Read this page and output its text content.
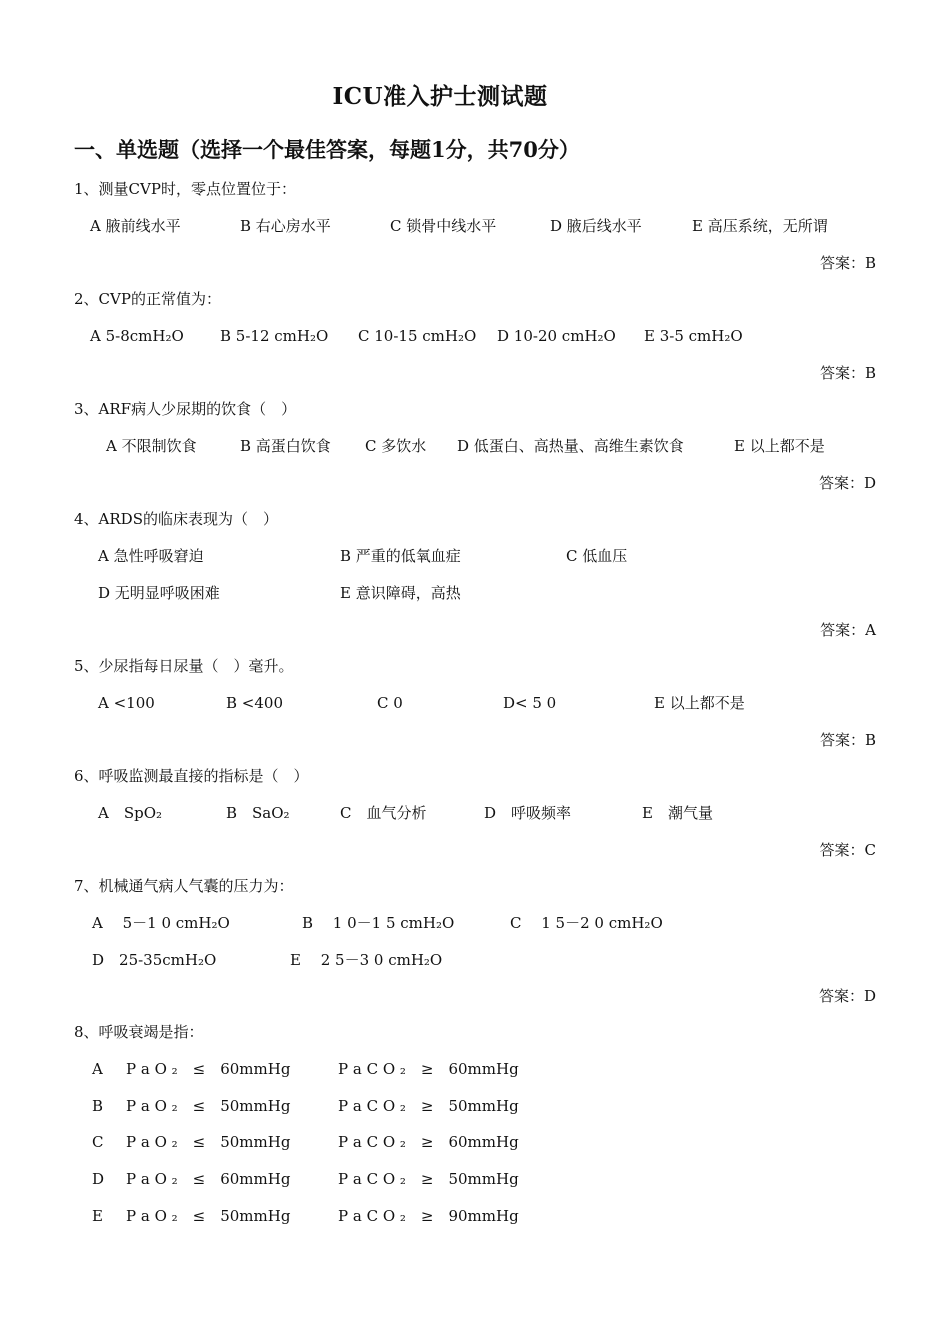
ICU准入护士测试题
一、单选题（选择一个最佳答案，每题1分，共70分）
1、测量CVP时，零点位置位于：
A 腋前线水平	B 右心房水平	C 锁骨中线水平	D 腋后线水平	E 高压系统，无所谓
答案：B
2、CVP的正常值为：
A 5-8cmH₂O B 5-12 cmH₂O C 10-15 cmH₂O D 10-20 cmH₂O E 3-5 cmH₂O
答案：B
3、ARF病人少尿期的饮食（　）
A 不限制饮食	B 高蛋白饮食 C 多饮水 D 低蛋白、高热量、高维生素饮食	E 以上都不是
答案：D
4、ARDS的临床表现为（　）
A 急性呼吸窘迫	B 严重的低氧血症	C 低血压
D 无明显呼吸困难	E 意识障碍，高热
答案：A
5、少尿指每日尿量（　）毫升。
A <100	B <400	C 0	D< 5 0	E 以上都不是
答案：B
6、呼吸监测最直接的指标是（　）
A　SpO₂	B　SaO₂	C　血气分析	D　呼吸频率	E　潮气量
答案：C
7、机械通气病人气囊的压力为：
A　 5－1 0 cmH₂O	B　 1 0－1 5 cmH₂O	C　 1 5－2 0 cmH₂O
D　25-35cmH₂O	E　 2 5－3 0 cmH₂O
答案：D
8、呼吸衰竭是指：
A P a O ₂　≤　60mmHg	P a C O ₂　≥　60mmHg
B P a O ₂　≤　50mmHg	P a C O ₂　≥　50mmHg
C P a O ₂　≤　50mmHg	P a C O ₂　≥　60mmHg
D P a O ₂　≤　60mmHg	P a C O ₂　≥　50mmHg
E P a O ₂　≤　50mmHg	P a C O ₂　≥　90mmHg
